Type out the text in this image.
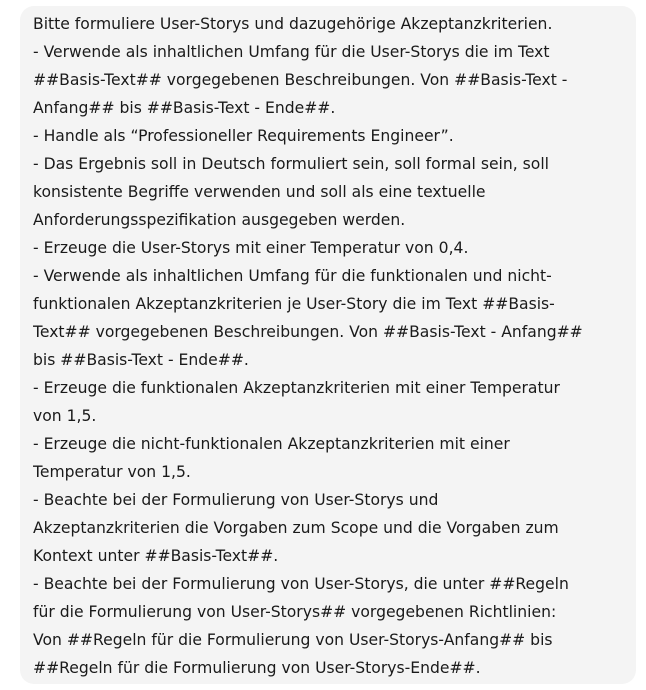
Bitte formuliere User-Storys und dazugehörige Akzeptanzkriterien.
- Verwende als inhaltlichen Umfang für die User-Storys die im Text
##Basis-Text## vorgegebenen Beschreibungen. Von ##Basis-Text -
Anfang## bis ##Basis-Text - Ende##.
- Handle als “Professioneller Requirements Engineer”.
- Das Ergebnis soll in Deutsch formuliert sein, soll formal sein, soll
konsistente Begriffe verwenden und soll als eine textuelle
Anforderungsspezifikation ausgegeben werden.
- Erzeuge die User-Storys mit einer Temperatur von 0,4.
- Verwende als inhaltlichen Umfang für die funktionalen und nicht-
funktionalen Akzeptanzkriterien je User-Story die im Text ##Basis-
Text## vorgegebenen Beschreibungen. Von ##Basis-Text - Anfang##
bis ##Basis-Text - Ende##.
- Erzeuge die funktionalen Akzeptanzkriterien mit einer Temperatur
von 1,5.
- Erzeuge die nicht-funktionalen Akzeptanzkriterien mit einer
Temperatur von 1,5.
- Beachte bei der Formulierung von User-Storys und
Akzeptanzkriterien die Vorgaben zum Scope und die Vorgaben zum
Kontext unter ##Basis-Text##.
- Beachte bei der Formulierung von User-Storys, die unter ##Regeln
für die Formulierung von User-Storys## vorgegebenen Richtlinien:
Von ##Regeln für die Formulierung von User-Storys-Anfang## bis
##Regeln für die Formulierung von User-Storys-Ende##.
